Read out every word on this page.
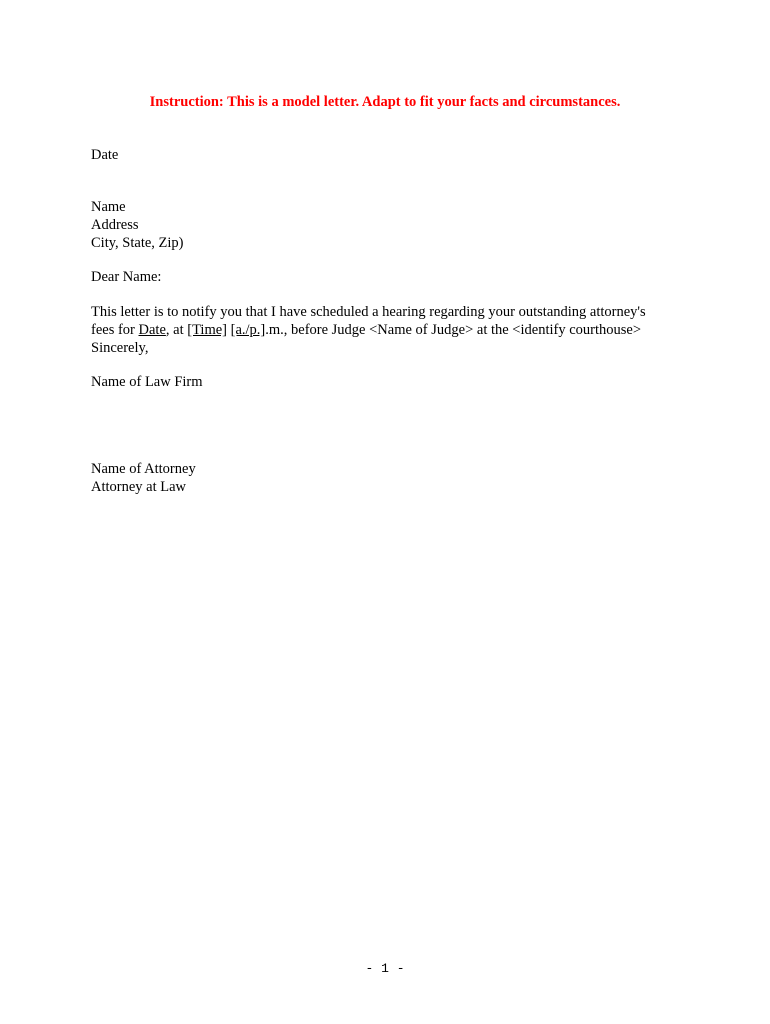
Instruction: This is a model letter. Adapt to fit your facts and circumstances.
Date
Name
Address
City, State, Zip)
Dear Name:
This letter is to notify you that I have scheduled a hearing regarding your outstanding attorney's
fees for Date, at [Time] [a./p.].m., before Judge <Name of Judge> at the <identify courthouse>
Sincerely,
Name of Law Firm
Name of Attorney
Attorney at Law
- 1 -
